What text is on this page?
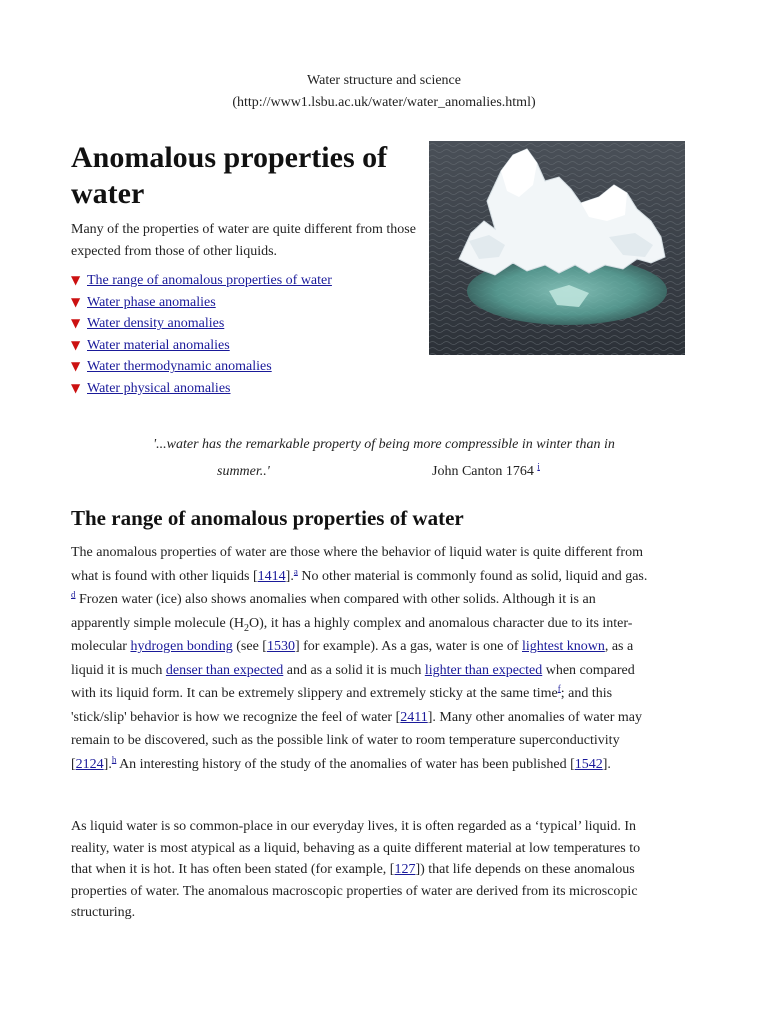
Water structure and science
(http://www1.lsbu.ac.uk/water/water_anomalies.html)
Anomalous properties of water
Many of the properties of water are quite different from those expected from those of other liquids.
▼ The range of anomalous properties of water
▼ Water phase anomalies
▼ Water density anomalies
▼ Water material anomalies
▼ Water thermodynamic anomalies
▼ Water physical anomalies
'...water has the remarkable property of being more compressible in winter than in
summer..'	John Canton 1764 $^i$
The range of anomalous properties of water
The anomalous properties of water are those where the behavior of liquid water is quite different from
what is found with other liquids [1414].$^a$ No other material is commonly found as solid, liquid and gas.
$^d$ Frozen water (ice) also shows anomalies when compared with other solids. Although it is an
apparently simple molecule $(H_2O)$, it has a highly complex and anomalous character due to its inter-
molecular hydrogen bonding (see [1530] for example). As a gas, water is one of lightest known, as a
liquid it is much denser than expected and as a solid it is much lighter than expected when compared
with its liquid form. It can be extremely slippery and extremely sticky at the same time$^f$; and this
'stick/slip' behavior is how we recognize the feel of water [2411]. Many other anomalies of water may
remain to be discovered, such as the possible link of water to room temperature superconductivity
[2124].$^h$ An interesting history of the study of the anomalies of water has been published [1542].
As liquid water is so common-place in our everyday lives, it is often regarded as a ‘typical’ liquid. In
reality, water is most atypical as a liquid, behaving as a quite different material at low temperatures to
that when it is hot. It has often been stated (for example, [127]) that life depends on these anomalous
properties of water. The anomalous macroscopic properties of water are derived from its microscopic
structuring.
